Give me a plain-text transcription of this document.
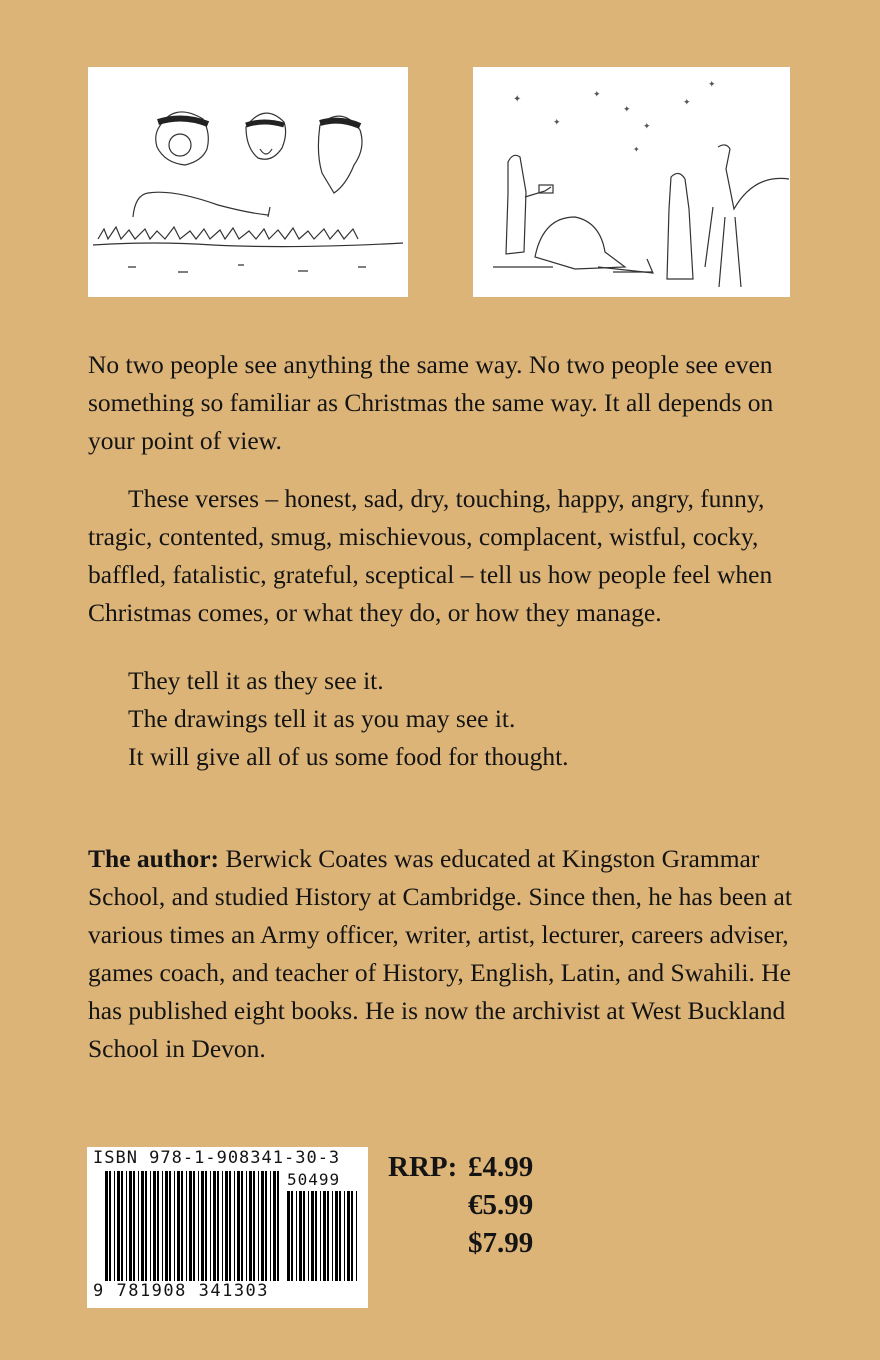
✦
✦
✦
✦
✦
✦
✦
✦

No two people see anything the same way. No two people see even something so familiar as Christmas the same way. It all depends on your point of view.

These verses – honest, sad, dry, touching, happy, angry, funny, tragic, contented, smug, mischievous, complacent, wistful, cocky, baffled, fatalistic, grateful, sceptical – tell us how people feel when Christmas comes, or what they do, or how they manage.

They tell it as they see it.
The drawings tell it as you may see it.
It will give all of us some food for thought.

The author: Berwick Coates was educated at Kingston Grammar School, and studied History at Cambridge. Since then, he has been at various times an Army officer, writer, artist, lecturer, careers adviser, games coach, and teacher of History, English, Latin, and Swahili. He has published eight books. He is now the archivist at West Buckland School in Devon.

ISBN 978-1-908341-30-3
50499
9 781908 341303
RRP: £4.99
€5.99
$7.99
